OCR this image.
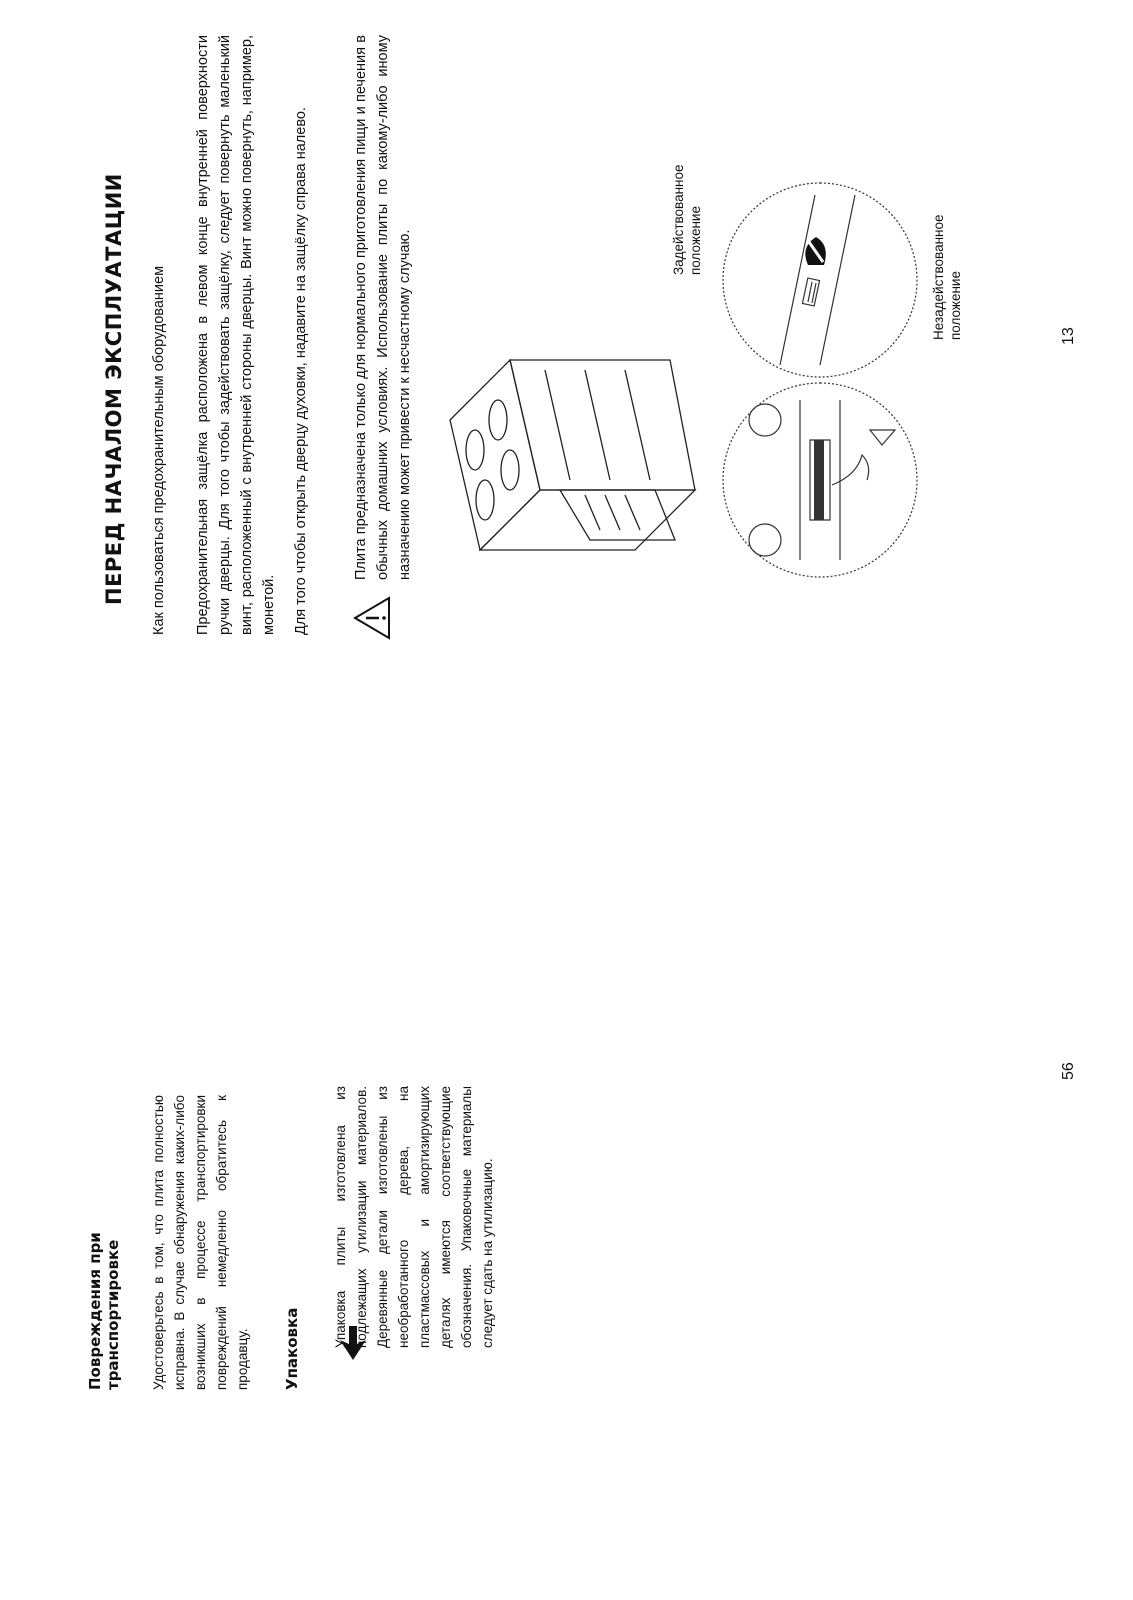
Повреждения при транспортировке Удостоверьтесь в том, что плита полностью исправна. В случае обнаружения каких-либо возникших в процессе транспортировки повреждений немедленно обратитесь к продавцу. Упаковка
Упаковка плиты изготовлена из подлежащих утилизации материалов. Деревянные детали изготовлены из необработанного дерева, на пластмассовых и амортизирующих деталях имеются соответствующие обозначения. Упаковочные материалы следует сдать на утилизацию.
56
ПЕРЕД НАЧАЛОМ ЭКСПЛУАТАЦИИ Как пользоваться предохранительным оборудованием Предохранительная защёлка расположена в левом конце внутренней поверхности ручки дверцы. Для того чтобы задействовать защёлку, следует повернуть маленький винт, расположенный с внутренней стороны дверцы. Винт можно повернуть, например, монетой. Для того чтобы открыть дверцу духовки, надавите на защёлку справа налево.	Плита предназначена только для нормального приготовления пищи и печения в обычных домашних условиях. Использование плиты по какому-либо иному назначению может привести к несчастному случаю.
Задействованное положение	Незадействованное положение	13
